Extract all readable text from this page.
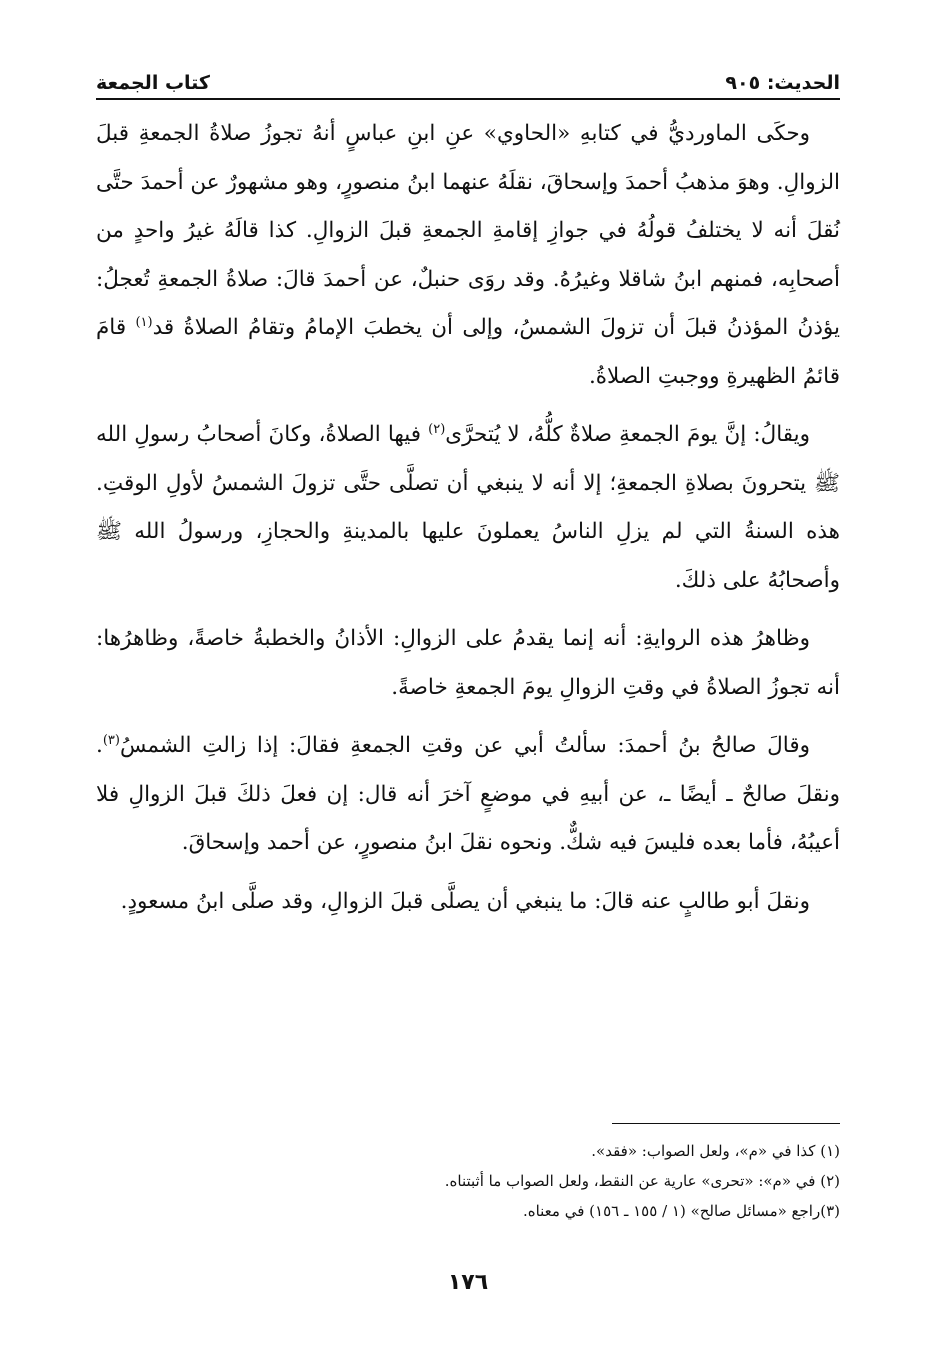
الحديث: ٩٠٥
كتاب الجمعة

وحكَى الماورديُّ في كتابهِ «الحاوي» عنِ ابنِ عباسٍ أنهُ تجوزُ صلاةُ الجمعةِ قبلَ الزوالِ. وهوَ مذهبُ أحمدَ وإسحاقَ، نقلَهُ عنهما ابنُ منصورٍ، وهو مشهورٌ عن أحمدَ حتَّى نُقلَ أنه لا يختلفُ قولُهُ في جوازِ إقامةِ الجمعةِ قبلَ الزوالِ. كذا قالَهُ غيرُ واحدٍ من أصحابِه، فمنهم ابنُ شاقلا وغيرُهُ. وقد روَى حنبلٌ، عن أحمدَ قالَ: صلاةُ الجمعةِ تُعجلُ: يؤذنُ المؤذنُ قبلَ أن تزولَ الشمسُ، وإلى أن يخطبَ الإمامُ وتقامُ الصلاةُ قد$^{(١)}$ قامَ قائمُ الظهيرةِ ووجبتِ الصلاةُ.

ويقالُ: إنَّ يومَ الجمعةِ صلاةٌ كلُّهُ، لا يُتحرَّى$^{(٢)}$ فيها الصلاةُ، وكانَ أصحابُ رسولِ الله ﷺ يتحرونَ بصلاةِ الجمعةِ؛ إلا أنه لا ينبغي أن تصلَّى حتَّى تزولَ الشمسُ لأولِ الوقتِ. هذه السنةُ التي لم يزلِ الناسُ يعملونَ عليها بالمدينةِ والحجازِ، ورسولُ الله ﷺ وأصحابُهُ على ذلكَ.

وظاهرُ هذه الروايةِ: أنه إنما يقدمُ على الزوالِ: الأذانُ والخطبةُ خاصةً، وظاهرُها: أنه تجوزُ الصلاةُ في وقتِ الزوالِ يومَ الجمعةِ خاصةً.

وقالَ صالحُ بنُ أحمدَ: سألتُ أبي عن وقتِ الجمعةِ فقالَ: إذا زالتِ الشمسُ$^{(٣)}$. ونقلَ صالحٌ ـ أيضًا ـ، عن أبيهِ في موضعٍ آخرَ أنه قال: إن فعلَ ذلكَ قبلَ الزوالِ فلا أعيبُهُ، فأما بعده فليسَ فيه شكٌّ. ونحوه نقلَ ابنُ منصورٍ، عن أحمد وإسحاقَ.

ونقلَ أبو طالبٍ عنه قالَ: ما ينبغي أن يصلَّى قبلَ الزوالِ، وقد صلَّى ابنُ مسعودٍ.

(١) كذا في «م»، ولعل الصواب: «فقد».

(٢) في «م»: «تحرى» عارية عن النقط، ولعل الصواب ما أثبتناه.

(٣)راجع «مسائل صالح» (١ / ١٥٥ ـ ١٥٦) في معناه.

١٧٦
